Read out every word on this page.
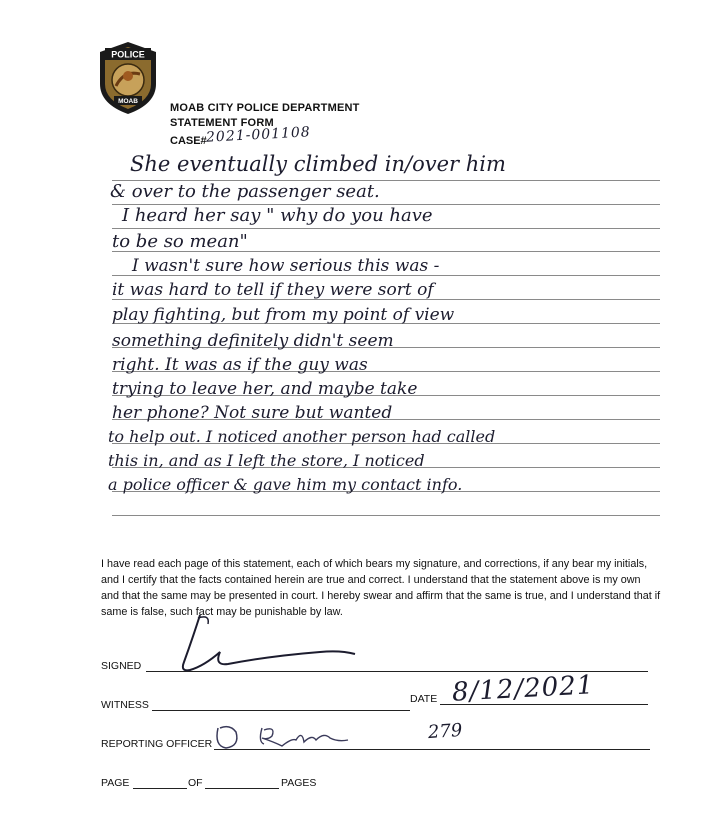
POLICE
MOAB
MOAB CITY POLICE DEPARTMENT
STATEMENT FORM
CASE#
2021-001108
She eventually climbed in/over him
& over to the passenger seat.
I heard her say " why do you have
to be so mean"
I wasn't sure how serious this was -
it was hard to tell if they were sort of
play fighting, but from my point of view
something definitely didn't seem
right. It was as if the guy was
trying to leave her, and maybe take
her phone? Not sure but wanted
to help out. I noticed another person had called
this in, and as I left the store, I noticed
a police officer & gave him my contact info.
I have read each page of this statement, each of which bears my signature, and corrections, if any bear my initials, and I certify that the facts contained herein are true and correct. I understand that the statement above is my own and that the same may be presented in court. I hereby swear and affirm that the same is true, and I understand that if same is false, such fact may be punishable by law.
SIGNED
WITNESS	DATE 8/12/2021
REPORTING OFFICER
279
PAGE	OF	PAGES
